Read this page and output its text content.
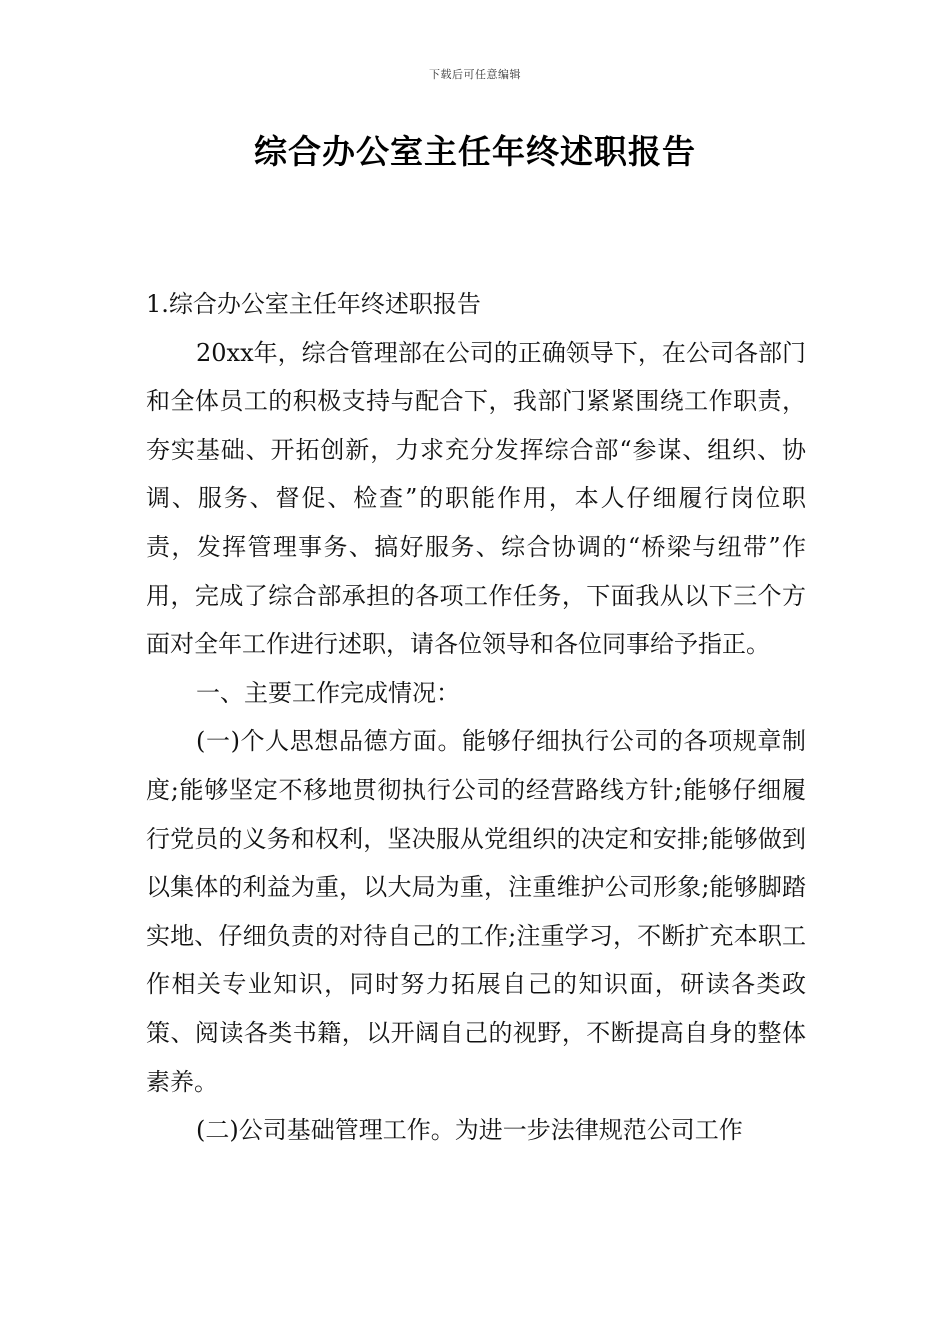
下载后可任意编辑
综合办公室主任年终述职报告

1.综合办公室主任年终述职报告

20xx年，综合管理部在公司的正确领导下，在公司各部门和全体员工的积极支持与配合下，我部门紧紧围绕工作职责，夯实基础、开拓创新，力求充分发挥综合部“参谋、组织、协调、服务、督促、检查”的职能作用，本人仔细履行岗位职责，发挥管理事务、搞好服务、综合协调的“桥梁与纽带”作用，完成了综合部承担的各项工作任务，下面我从以下三个方面对全年工作进行述职，请各位领导和各位同事给予指正。

一、主要工作完成情况：

(一)个人思想品德方面。能够仔细执行公司的各项规章制度;能够坚定不移地贯彻执行公司的经营路线方针;能够仔细履行党员的义务和权利，坚决服从党组织的决定和安排;能够做到以集体的利益为重，以大局为重，注重维护公司形象;能够脚踏实地、仔细负责的对待自己的工作;注重学习，不断扩充本职工作相关专业知识，同时努力拓展自己的知识面，研读各类政策、阅读各类书籍，以开阔自己的视野，不断提高自身的整体素养。

(二)公司基础管理工作。为进一步法律规范公司工作
